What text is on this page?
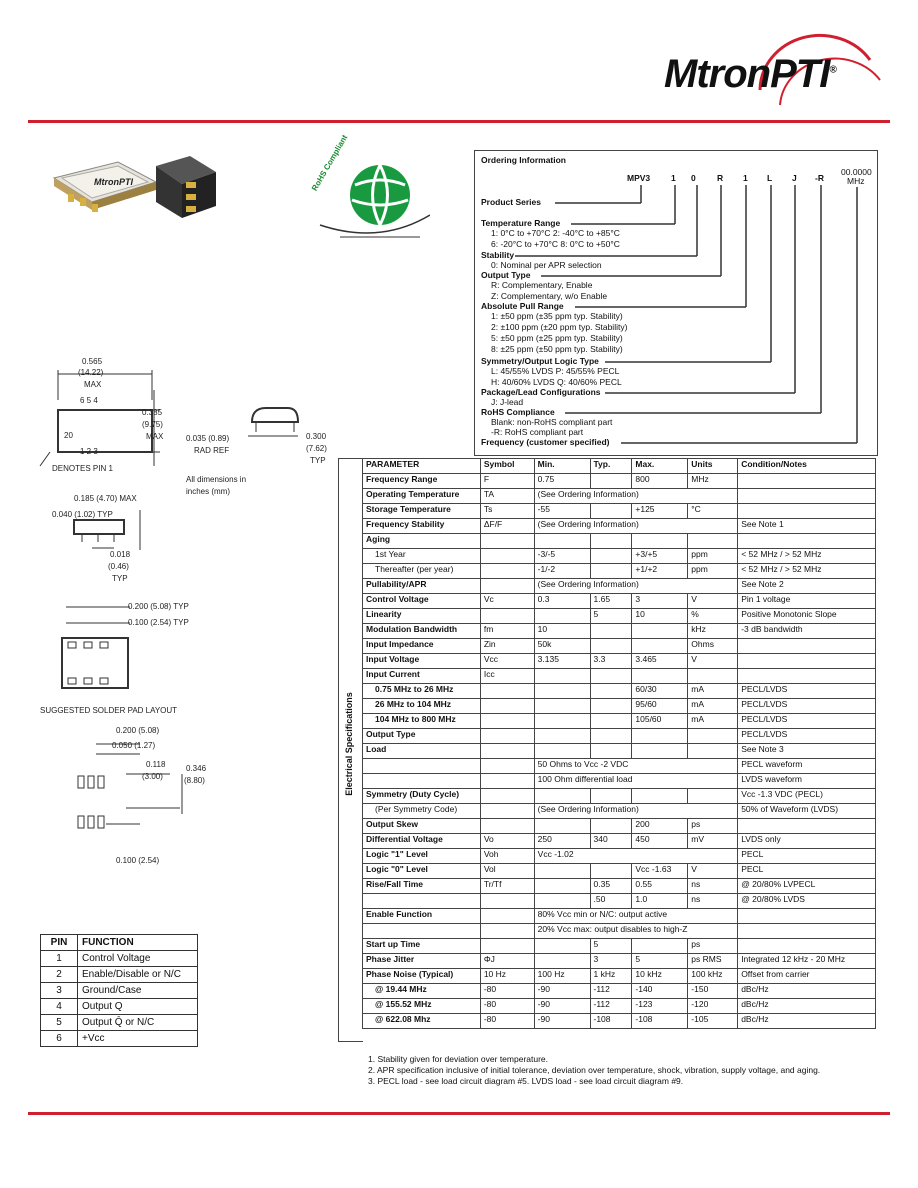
MtronPTI®
MtronPTI	RoHS Compliant	Ordering Information
00.0000
MHz
MPV3 1 0	R 1 L J -R
Product Series
Temperature Range
1: 0°C to +70°C 2: -40°C to +85°C
6: -20°C to +70°C 8: 0°C to +50°C
Stability
0: Nominal per APR selection
Output Type
R: Complementary, Enable
Z: Complementary, w/o Enable
Absolute Pull Range
1: ±50 ppm (±35 ppm typ. Stability)
2: ±100 ppm (±20 ppm typ. Stability)
5: ±50 ppm (±25 ppm typ. Stability)
8: ±25 ppm (±50 ppm typ. Stability)
Symmetry/Output Logic Type
L: 45/55% LVDS P: 45/55% PECL
H: 40/60% LVDS Q: 40/60% PECL
Package/Lead Configurations
J: J-lead
RoHS Compliance
Blank: non-RoHS compliant part
-R: RoHS compliant part
Frequency (customer specified)
0.565
(14.22)
MAX
6 5 4
20
1 2 3
0.385
(9.75)
MAX	0.035 (0.89)
RAD REF
0.300
(7.62)
TYP
DENOTES PIN 1
All dimensions in inches (mm)
0.185 (4.70) MAX
0.040 (1.02) TYP
0.018
(0.46)
TYP
0.200 (5.08) TYP
0.100 (2.54) TYP
SUGGESTED SOLDER PAD LAYOUT
0.200 (5.08)
0.050 (1.27)
0.118
(3.00)
0.346
(8.80)
0.100 (2.54)
PIN	FUNCTION
1	Control Voltage
2	Enable/Disable or N/C
3	Ground/Case
4	Output Q
5	Output Q̄ or N/C
6	+Vcc
Electrical Specifications
PARAMETER	Symbol	Min.	Typ.	Max.	Units	Condition/Notes
Frequency Range	F	0.75		800	MHz	
Operating Temperature	TA	(See Ordering Information)				
Storage Temperature	Ts	-55		+125	°C	
Frequency Stability	ΔF/F	(See Ordering Information)				See Note 1
Aging						
1st Year		-3/-5		+3/+5	ppm	< 52 MHz / > 52 MHz
Thereafter (per year)		-1/-2		+1/+2	ppm	< 52 MHz / > 52 MHz
Pullability/APR		(See Ordering Information)				See Note 2
Control Voltage	Vc	0.3	1.65	3	V	Pin 1 voltage
Linearity			5	10	%	Positive Monotonic Slope
Modulation Bandwidth	fm	10			kHz	-3 dB bandwidth
Input Impedance	Zin	50k			Ohms	
Input Voltage	Vcc	3.135	3.3	3.465	V	
Input Current	Icc					
0.75 MHz to 26 MHz				60/30	mA	PECL/LVDS
26 MHz to 104 MHz				95/60	mA	PECL/LVDS
104 MHz to 800 MHz				105/60	mA	PECL/LVDS
Output Type						PECL/LVDS
Load						See Note 3
		50 Ohms to Vcc -2 VDC				PECL waveform
		100 Ohm differential load				LVDS waveform
Symmetry (Duty Cycle)						Vcc -1.3 VDC (PECL)
(Per Symmetry Code)		(See Ordering Information)				50% of Waveform (LVDS)
Output Skew				200	ps	
Differential Voltage	Vo	250	340	450	mV	LVDS only
Logic "1" Level	Voh	Vcc -1.02				PECL
Logic "0" Level	Vol			Vcc -1.63	V	PECL
Rise/Fall Time	Tr/Tf		0.35	0.55	ns	@ 20/80% LVPECL
			.50	1.0	ns	@ 20/80% LVDS
Enable Function		80% Vcc min or N/C: output active				
		20% Vcc max: output disables to high-Z				
Start up Time			5		ps	
Phase Jitter	ΦJ		3	5	ps RMS	Integrated 12 kHz - 20 MHz
Phase Noise (Typical)	10 Hz	100 Hz	1 kHz	10 kHz	100 kHz	Offset from carrier
@ 19.44 MHz	-80	-90	-112	-140	-150	dBc/Hz
@ 155.52 MHz	-80	-90	-112	-123	-120	dBc/Hz
@ 622.08 Mhz	-80	-90	-108	-108	-105	dBc/Hz
1. Stability given for deviation over temperature.
2. APR specification inclusive of initial tolerance, deviation over temperature, shock, vibration, supply voltage, and aging.
3. PECL load - see load circuit diagram #5. LVDS load - see load circuit diagram #9.
